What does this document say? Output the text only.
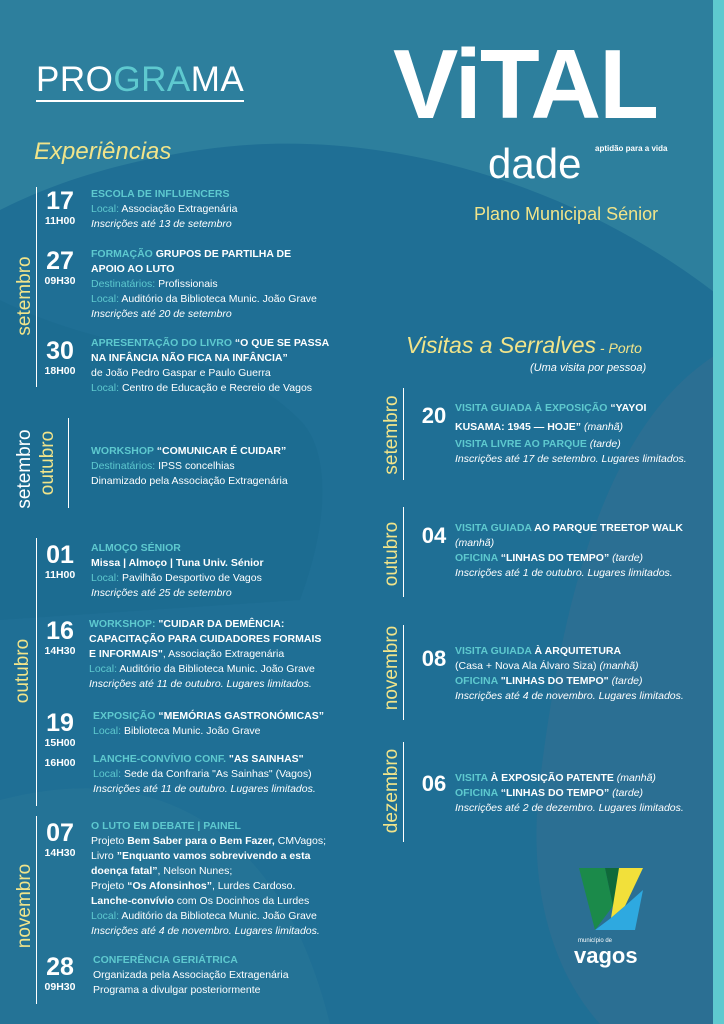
PROGRAMA
Experiências
ViTAL
dade aptidão para a vida
Plano Municipal Sénior
setembro
setembro outubro
outubro
novembro
17
11H00
ESCOLA DE INFLUENCERS
Local: Associação Extragenária
Inscrições até 13 de setembro
27
09H30
FORMAÇÃO GRUPOS DE PARTILHA DE
APOIO AO LUTO
Destinatários: Profissionais
Local: Auditório da Biblioteca Munic. João Grave
Inscrições até 20 de setembro
30
18H00
APRESENTAÇÃO DO LIVRO “O QUE SE PASSA
NA INFÂNCIA NÃO FICA NA INFÂNCIA”
de João Pedro Gaspar e Paulo Guerra
Local: Centro de Educação e Recreio de Vagos
WORKSHOP “COMUNICAR É CUIDAR”
Destinatários: IPSS concelhias
Dinamizado pela Associação Extragenária
01
11H00
ALMOÇO SÉNIOR
Missa | Almoço | Tuna Univ. Sénior
Local: Pavilhão Desportivo de Vagos
Inscrições até 25 de setembro
16
14H30
WORKSHOP: "CUIDAR DA DEMÊNCIA:
CAPACITAÇÃO PARA CUIDADORES FORMAIS
E INFORMAIS", Associação Extragenária
Local: Auditório da Biblioteca Munic. João Grave
Inscrições até 11 de outubro. Lugares limitados.
19
15H00
EXPOSIÇÃO “MEMÓRIAS GASTRONÓMICAS”
Local: Biblioteca Munic. João Grave
16H00	LANCHE-CONVÍVIO CONF. "AS SAINHAS"
Local: Sede da Confraria "As Sainhas" (Vagos)
Inscrições até 11 de outubro. Lugares limitados.
07
14H30
O LUTO EM DEBATE | PAINEL
Projeto Bem Saber para o Bem Fazer, CMVagos;
Livro ”Enquanto vamos sobrevivendo a esta
doença fatal”, Nelson Nunes;
Projeto “Os Afonsinhos”, Lurdes Cardoso.
Lanche-convívio com Os Docinhos da Lurdes
Local: Auditório da Biblioteca Munic. João Grave
Inscrições até 4 de novembro. Lugares limitados.
28
09H30
CONFERÊNCIA GERIÁTRICA
Organizada pela Associação Extragenária
Programa a divulgar posteriormente
Visitas a Serralves - Porto
(Uma visita por pessoa)
setembro
outubro
novembro
dezembro
20 VISITA GUIADA À EXPOSIÇÃO “YAYOI
KUSAMA: 1945 — HOJE” (manhã)
VISITA LIVRE AO PARQUE (tarde)
Inscrições até 17 de setembro. Lugares limitados.
04 VISITA GUIADA AO PARQUE TREETOP WALK
(manhã)
OFICINA “LINHAS DO TEMPO” (tarde)
Inscrições até 1 de outubro. Lugares limitados.
08 VISITA GUIADA À ARQUITETURA
(Casa + Nova Ala Álvaro Siza) (manhã)
OFICINA "LINHAS DO TEMPO" (tarde)
Inscrições até 4 de novembro. Lugares limitados.
06 VISITA À EXPOSIÇÃO PATENTE (manhã)
OFICINA “LINHAS DO TEMPO” (tarde)
Inscrições até 2 de dezembro. Lugares limitados.
município de
vagos
